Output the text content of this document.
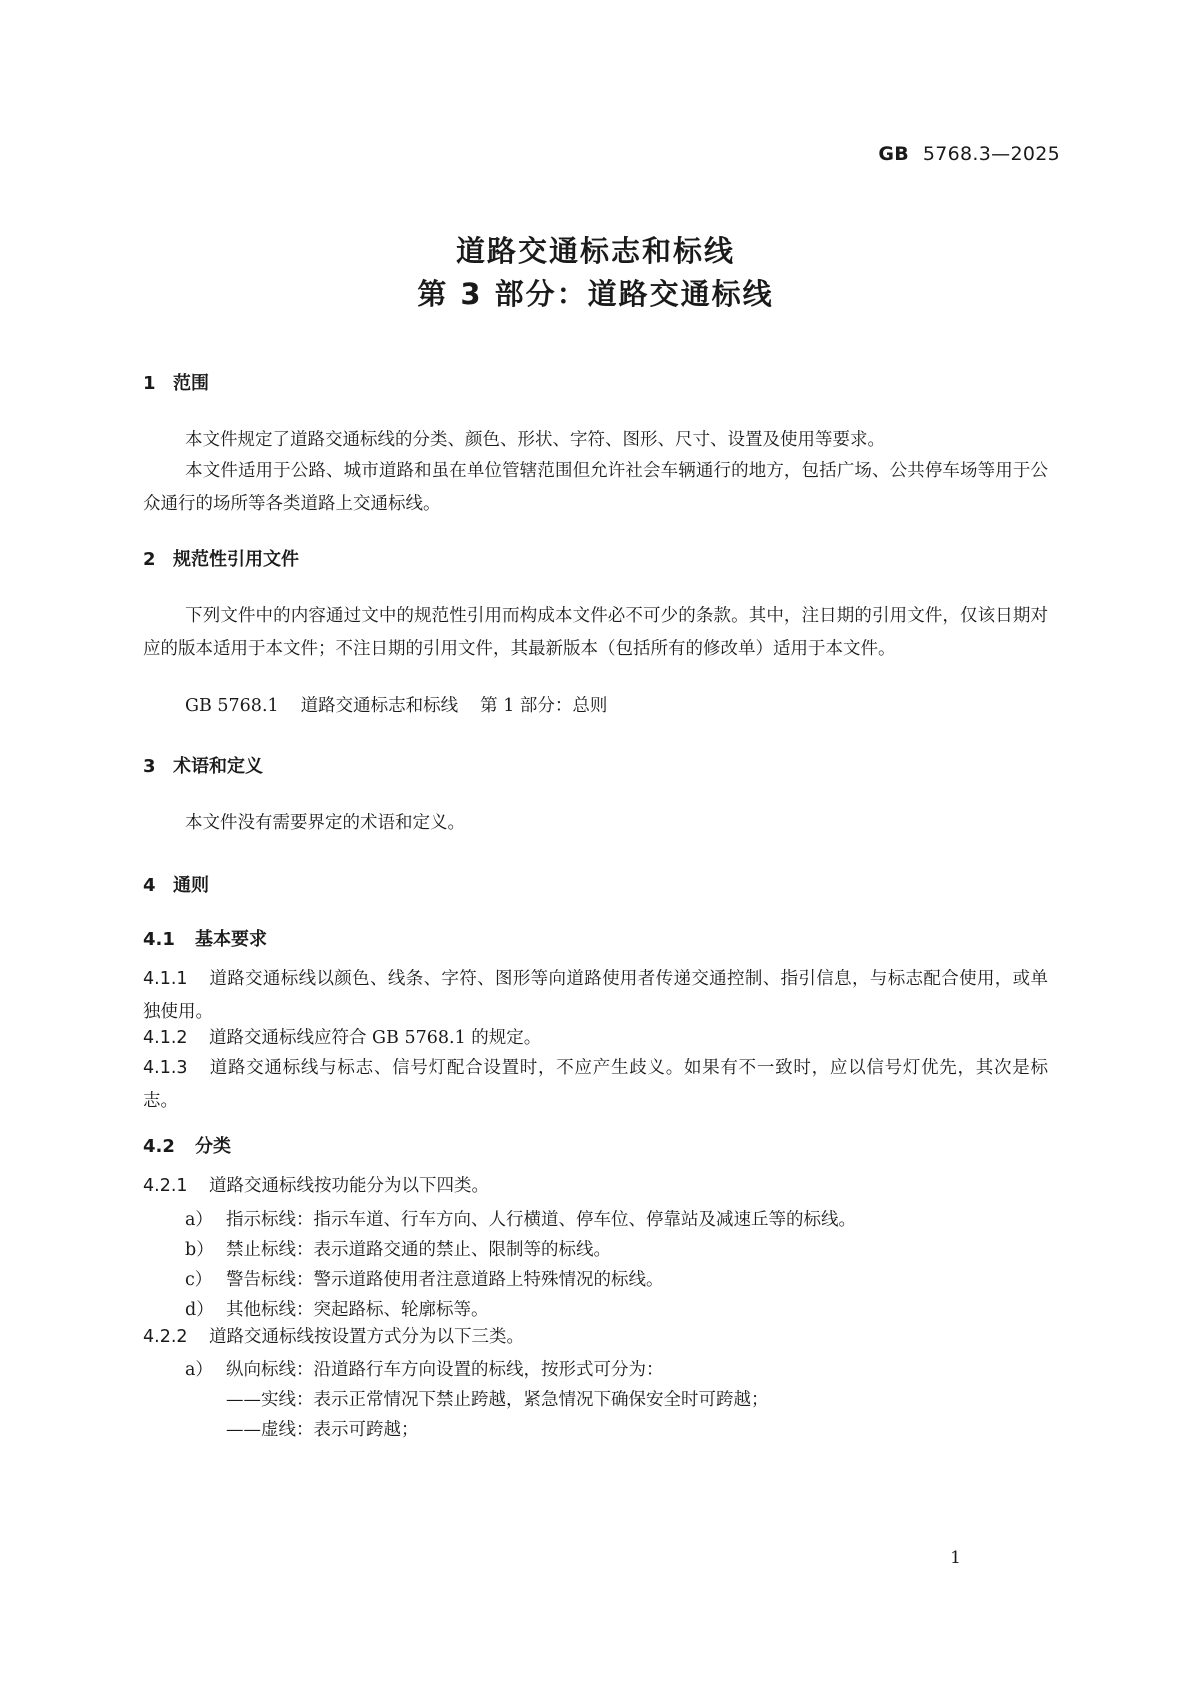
GB 5768.3—2025
道路交通标志和标线
第 3 部分：道路交通标线
1 范围
本文件规定了道路交通标线的分类、颜色、形状、字符、图形、尺寸、设置及使用等要求。
本文件适用于公路、城市道路和虽在单位管辖范围但允许社会车辆通行的地方，包括广场、公共停车场等用于公众通行的场所等各类道路上交通标线。
2 规范性引用文件
下列文件中的内容通过文中的规范性引用而构成本文件必不可少的条款。其中，注日期的引用文件，仅该日期对应的版本适用于本文件；不注日期的引用文件，其最新版本（包括所有的修改单）适用于本文件。
GB 5768.1 道路交通标志和标线 第 1 部分：总则
3 术语和定义
本文件没有需要界定的术语和定义。
4 通则
4.1 基本要求
4.1.1 道路交通标线以颜色、线条、字符、图形等向道路使用者传递交通控制、指引信息，与标志配合使用，或单独使用。
4.1.2 道路交通标线应符合 GB 5768.1 的规定。
4.1.3 道路交通标线与标志、信号灯配合设置时，不应产生歧义。如果有不一致时，应以信号灯优先，其次是标志。
4.2 分类
4.2.1 道路交通标线按功能分为以下四类。
a） 指示标线：指示车道、行车方向、人行横道、停车位、停靠站及减速丘等的标线。
b） 禁止标线：表示道路交通的禁止、限制等的标线。
c） 警告标线：警示道路使用者注意道路上特殊情况的标线。
d） 其他标线：突起路标、轮廓标等。
4.2.2 道路交通标线按设置方式分为以下三类。
a） 纵向标线：沿道路行车方向设置的标线，按形式可分为：
——实线：表示正常情况下禁止跨越，紧急情况下确保安全时可跨越；
——虚线：表示可跨越；
1
